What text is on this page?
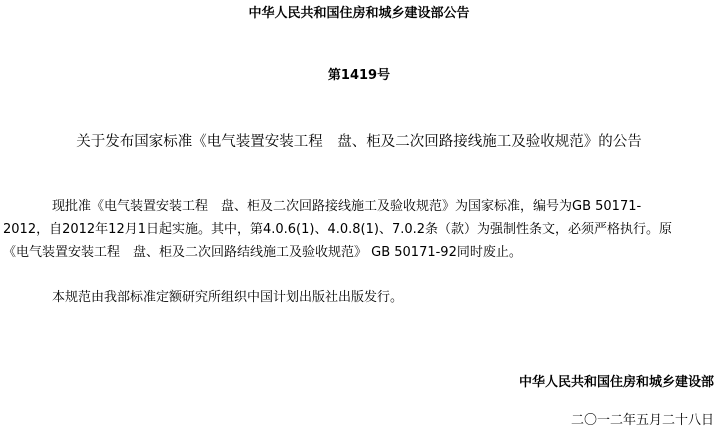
中华人民共和国住房和城乡建设部公告
第1419号
关于发布国家标准《电气装置安装工程　盘、柜及二次回路接线施工及验收规范》的公告
现批准《电气装置安装工程　盘、柜及二次回路接线施工及验收规范》为国家标准，编号为GB 50171-
2012，自2012年12月1日起实施。其中，第4.0.6(1)、4.0.8(1)、7.0.2条（款）为强制性条文，必须严格执行。原
《电气装置安装工程　盘、柜及二次回路结线施工及验收规范》 GB 50171-92同时废止。
本规范由我部标准定额研究所组织中国计划出版社出版发行。
中华人民共和国住房和城乡建设部
二〇一二年五月二十八日
